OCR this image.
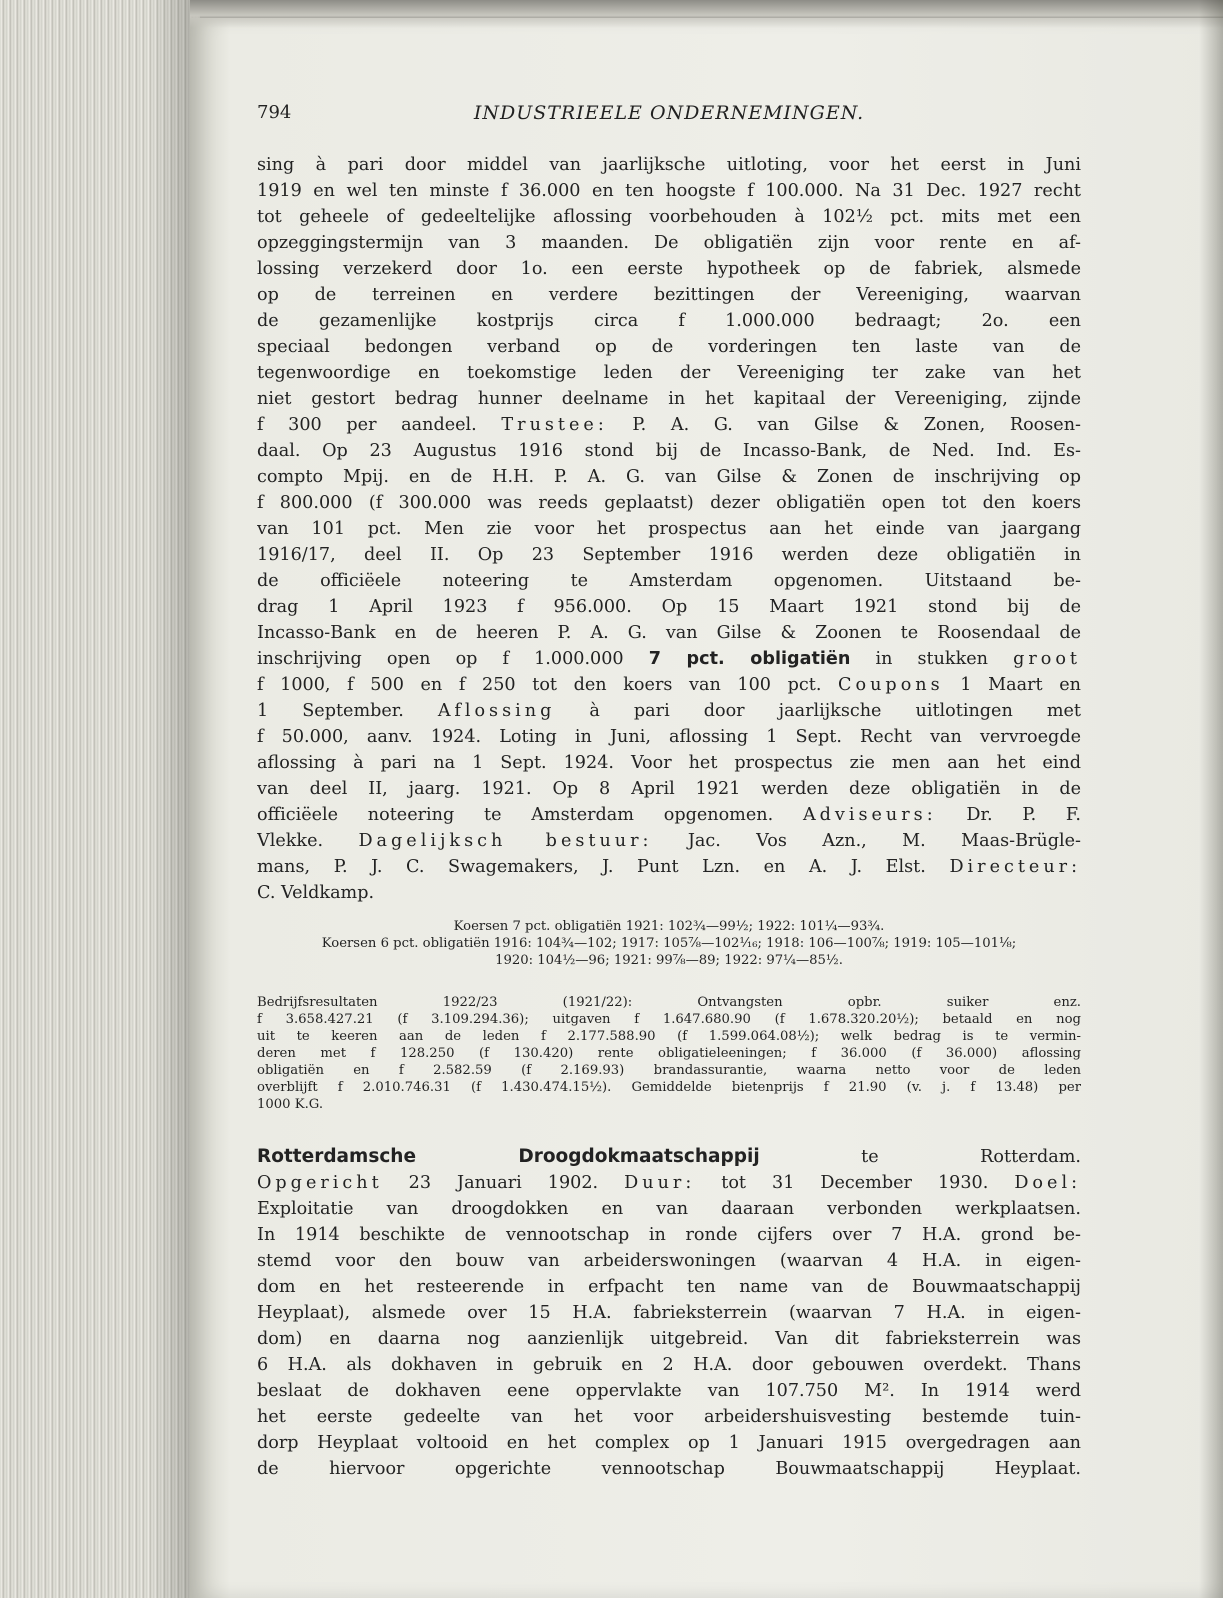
794	INDUSTRIEELE ONDERNEMINGEN.
sing à pari door middel van jaarlijksche uitloting, voor het eerst in Juni
1919 en wel ten minste f 36.000 en ten hoogste f 100.000. Na 31 Dec. 1927 recht
tot geheele of gedeeltelijke aflossing voorbehouden à 102½ pct. mits met een
opzeggingstermijn van 3 maanden. De obligatiën zijn voor rente en af-
lossing verzekerd door 1o. een eerste hypotheek op de fabriek, alsmede
op de terreinen en verdere bezittingen der Vereeniging, waarvan
de gezamenlijke kostprijs circa f 1.000.000 bedraagt; 2o. een
speciaal bedongen verband op de vorderingen ten laste van de
tegenwoordige en toekomstige leden der Vereeniging ter zake van het
niet gestort bedrag hunner deelname in het kapitaal der Vereeniging, zijnde
f 300 per aandeel. Trustee: P. A. G. van Gilse & Zonen, Roosen-
daal. Op 23 Augustus 1916 stond bij de Incasso-Bank, de Ned. Ind. Es-
compto Mpij. en de H.H. P. A. G. van Gilse & Zonen de inschrijving op
f 800.000 (f 300.000 was reeds geplaatst) dezer obligatiën open tot den koers
van 101 pct. Men zie voor het prospectus aan het einde van jaargang
1916/17, deel II. Op 23 September 1916 werden deze obligatiën in
de officiëele noteering te Amsterdam opgenomen. Uitstaand be-
drag 1 April 1923 f 956.000. Op 15 Maart 1921 stond bij de
Incasso-Bank en de heeren P. A. G. van Gilse & Zoonen te Roosendaal de
inschrijving open op f 1.000.000 7 pct. obligatiën in stukken groot
f 1000, f 500 en f 250 tot den koers van 100 pct. Coupons 1 Maart en
1 September. Aflossing à pari door jaarlijksche uitlotingen met
f 50.000, aanv. 1924. Loting in Juni, aflossing 1 Sept. Recht van vervroegde
aflossing à pari na 1 Sept. 1924. Voor het prospectus zie men aan het eind
van deel II, jaarg. 1921. Op 8 April 1921 werden deze obligatiën in de
officiëele noteering te Amsterdam opgenomen. Adviseurs: Dr. P. F.
Vlekke. Dagelijksch bestuur: Jac. Vos Azn., M. Maas-Brügle-
mans, P. J. C. Swagemakers, J. Punt Lzn. en A. J. Elst. Directeur:
C. Veldkamp.
Koersen 7 pct. obligatiën 1921: 102¾—99½; 1922: 101¼—93¾.
Koersen 6 pct. obligatiën 1916: 104¾—102; 1917: 105⅞—102⅟₁₆; 1918: 106—100⅞; 1919: 105—101⅛;
1920: 104½—96; 1921: 99⅞—89; 1922: 97¼—85½.
Bedrijfsresultaten 1922/23 (1921/22): Ontvangsten opbr. suiker enz.
f 3.658.427.21 (f 3.109.294.36); uitgaven f 1.647.680.90 (f 1.678.320.20½); betaald en nog
uit te keeren aan de leden f 2.177.588.90 (f 1.599.064.08½); welk bedrag is te vermin-
deren met f 128.250 (f 130.420) rente obligatieleeningen; f 36.000 (f 36.000) aflossing
obligatiën en f 2.582.59 (f 2.169.93) brandassurantie, waarna netto voor de leden
overblijft f 2.010.746.31 (f 1.430.474.15½). Gemiddelde bietenprijs f 21.90 (v. j. f 13.48) per
1000 K.G.
Rotterdamsche Droogdokmaatschappij te Rotterdam.
Opgericht 23 Januari 1902. Duur: tot 31 December 1930. Doel:
Exploitatie van droogdokken en van daaraan verbonden werkplaatsen.
In 1914 beschikte de vennootschap in ronde cijfers over 7 H.A. grond be-
stemd voor den bouw van arbeiderswoningen (waarvan 4 H.A. in eigen-
dom en het resteerende in erfpacht ten name van de Bouwmaatschappij
Heyplaat), alsmede over 15 H.A. fabrieksterrein (waarvan 7 H.A. in eigen-
dom) en daarna nog aanzienlijk uitgebreid. Van dit fabrieksterrein was
6 H.A. als dokhaven in gebruik en 2 H.A. door gebouwen overdekt. Thans
beslaat de dokhaven eene oppervlakte van 107.750 M². In 1914 werd
het eerste gedeelte van het voor arbeidershuisvesting bestemde tuin-
dorp Heyplaat voltooid en het complex op 1 Januari 1915 overgedragen aan
de hiervoor opgerichte vennootschap Bouwmaatschappij Heyplaat.
